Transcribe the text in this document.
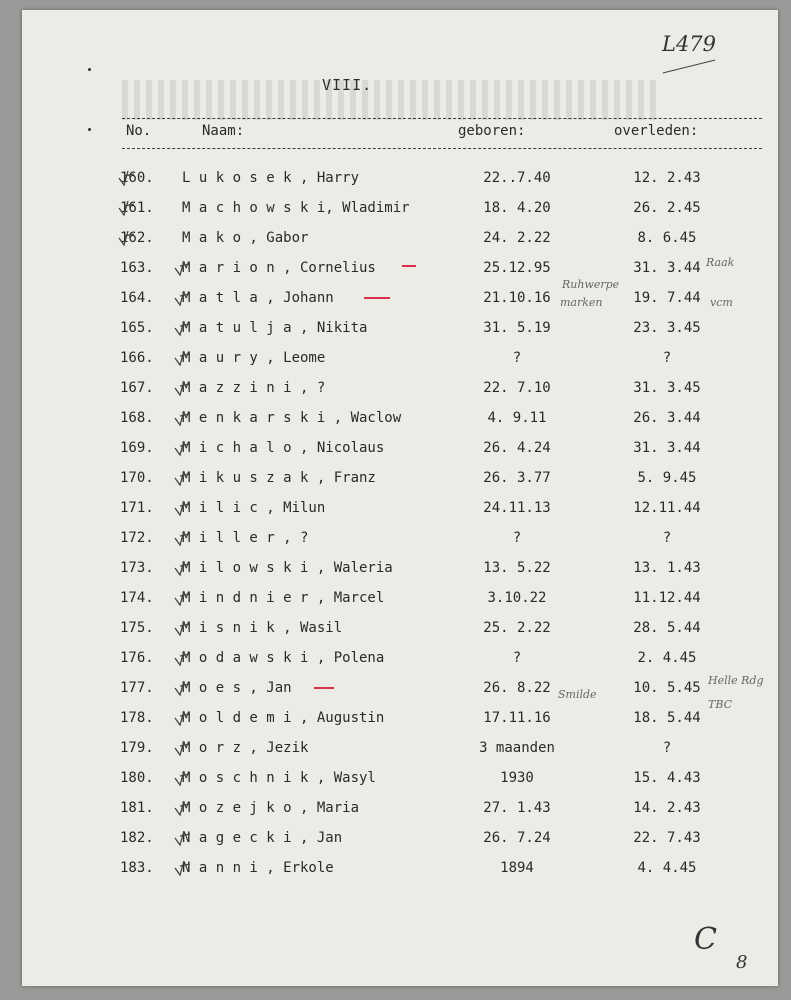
L479
VIII.
No.	Naam:	geboren:	overleden:
160. L u k o s e k , Harry	22..7.40	12. 2.43
161. M a c h o w s k i, Wladimir	18. 4.20	26. 2.45
162. M a k o , Gabor	24. 2.22	8. 6.45
163. M a r i o n , Cornelius	25.12.95	31. 3.44
164. M a t l a , Johann	21.10.16	19. 7.44
165. M a t u l j a , Nikita	31. 5.19	23. 3.45
166. M a u r y , Leome	?	?
167. M a z z i n i , ?	22. 7.10	31. 3.45
168. M e n k a r s k i , Waclow	4. 9.11	26. 3.44
169. M i c h a l o , Nicolaus	26. 4.24	31. 3.44
170. M i k u s z a k , Franz	26. 3.77	5. 9.45
171. M i l i c , Milun	24.11.13	12.11.44
172. M i l l e r , ?	?	?
173. M i l o w s k i , Waleria	13. 5.22	13. 1.43
174. M i n d n i e r , Marcel	3.10.22	11.12.44
175. M i s n i k , Wasil	25. 2.22	28. 5.44
176. M o d a w s k i , Polena	?	2. 4.45
177. M o e s , Jan	26. 8.22	10. 5.45
178. M o l d e m i , Augustin	17.11.16	18. 5.44
179. M o r z , Jezik	3 maanden	?
180. M o s c h n i k , Wasyl	1930	15. 4.43
181. M o z e j k o , Maria	27. 1.43	14. 2.43
182. N a g e c k i , Jan	26. 7.24	22. 7.43
183. N a n n i , Erkole	1894	4. 4.45
Ruhwerpe
marken
Raak
vcm
Smilde
Helle Rdg
TBC
C
8
